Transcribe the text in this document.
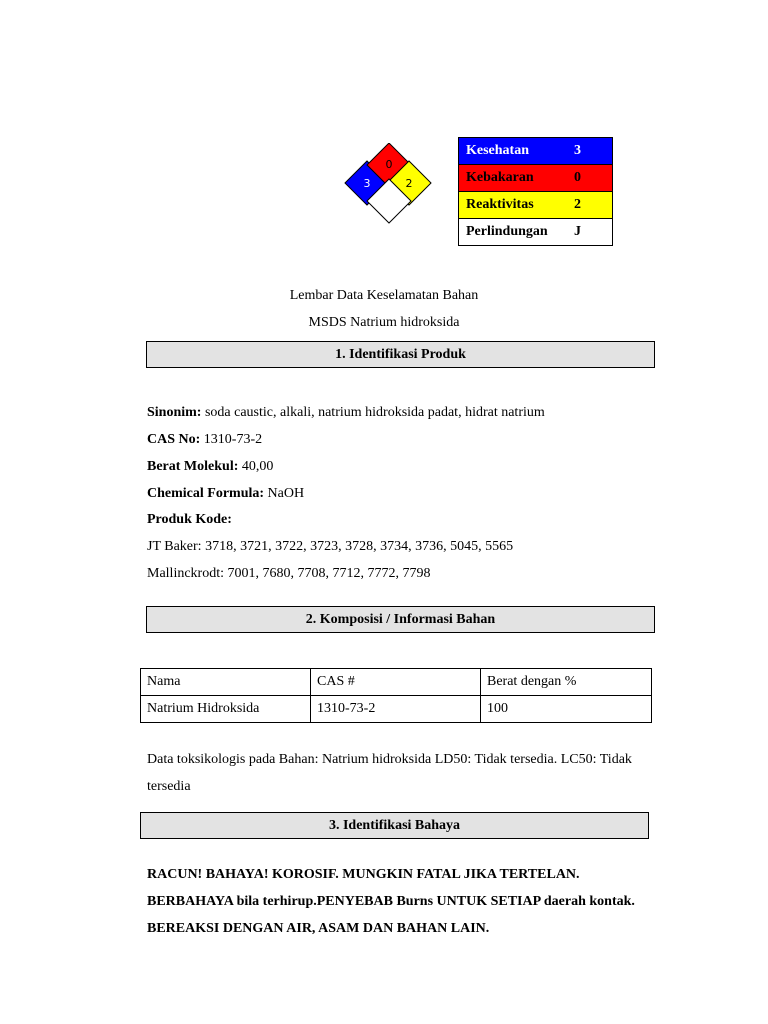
0
3	2
Kesehatan	3
Kebakaran	0
Reaktivitas	2
Perlindungan	J
Lembar Data Keselamatan Bahan
MSDS Natrium hidroksida
1. Identifikasi Produk
Sinonim: soda caustic, alkali, natrium hidroksida padat, hidrat natrium
CAS No: 1310-73-2
Berat Molekul: 40,00
Chemical Formula: NaOH
Produk Kode:
JT Baker: 3718, 3721, 3722, 3723, 3728, 3734, 3736, 5045, 5565
Mallinckrodt: 7001, 7680, 7708, 7712, 7772, 7798
2. Komposisi / Informasi Bahan
Nama	CAS #	Berat dengan %
Natrium Hidroksida	1310-73-2	100
Data toksikologis pada Bahan: Natrium hidroksida LD50: Tidak tersedia. LC50: Tidak tersedia
3. Identifikasi Bahaya
RACUN! BAHAYA! KOROSIF. MUNGKIN FATAL JIKA TERTELAN. BERBAHAYA bila terhirup.PENYEBAB Burns UNTUK SETIAP daerah kontak. BEREAKSI DENGAN AIR, ASAM DAN BAHAN LAIN.
